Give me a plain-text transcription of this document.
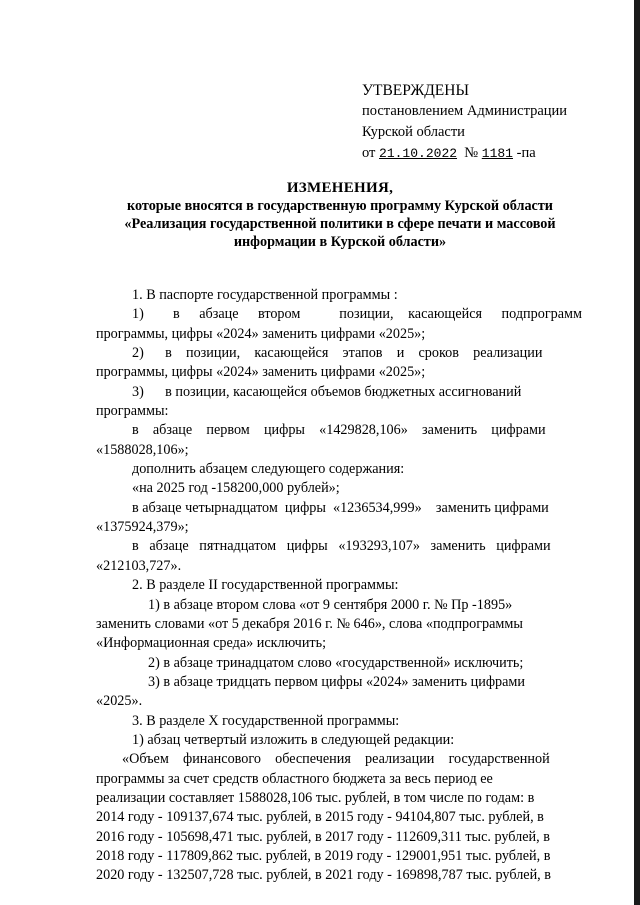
УТВЕРЖДЕНЫ
постановлением Администрации
Курской области
от 21.10.2022 № 1181 -па
ИЗМЕНЕНИЯ,
которые вносятся в государственную программу Курской области
«Реализация государственной политики в сфере печати и массовой
информации в Курской области»
1. В паспорте государственной программы :
1)      в    абзаце    втором        позиции,   касающейся    подпрограмм
программы, цифры «2024» заменить цифрами «2025»;
2)      в    позиции,    касающейся    этапов    и    сроков    реализации
программы, цифры «2024» заменить цифрами «2025»;
3)      в позиции, касающейся объемов бюджетных ассигнований
программы:
в    абзаце    первом    цифры    «1429828,106»    заменить    цифрами
«1588028,106»;
дополнить абзацем следующего содержания:
«на 2025 год -158200,000 рублей»;
в абзаце четырнадцатом  цифры  «1236534,999»    заменить цифрами
«1375924,379»;
в   абзаце   пятнадцатом   цифры   «193293,107»   заменить   цифрами
«212103,727».
2. В разделе II государственной программы:
1) в абзаце втором слова «от 9 сентября 2000 г. № Пр -1895»
заменить словами «от 5 декабря 2016 г. № 646», слова «подпрограммы
«Информационная среда» исключить;
2) в абзаце тринадцатом слово «государственной» исключить;
3) в абзаце тридцать первом цифры «2024» заменить цифрами
«2025».
3. В разделе X государственной программы:
1) абзац четвертый изложить в следующей редакции:
«Объем    финансового    обеспечения    реализации    государственной
программы за счет средств областного бюджета за весь период ее
реализации составляет 1588028,106 тыс. рублей, в том числе по годам: в
2014 году - 109137,674 тыс. рублей, в 2015 году - 94104,807 тыс. рублей, в
2016 году - 105698,471 тыс. рублей, в 2017 году - 112609,311 тыс. рублей, в
2018 году - 117809,862 тыс. рублей, в 2019 году - 129001,951 тыс. рублей, в
2020 году - 132507,728 тыс. рублей, в 2021 году - 169898,787 тыс. рублей, в
